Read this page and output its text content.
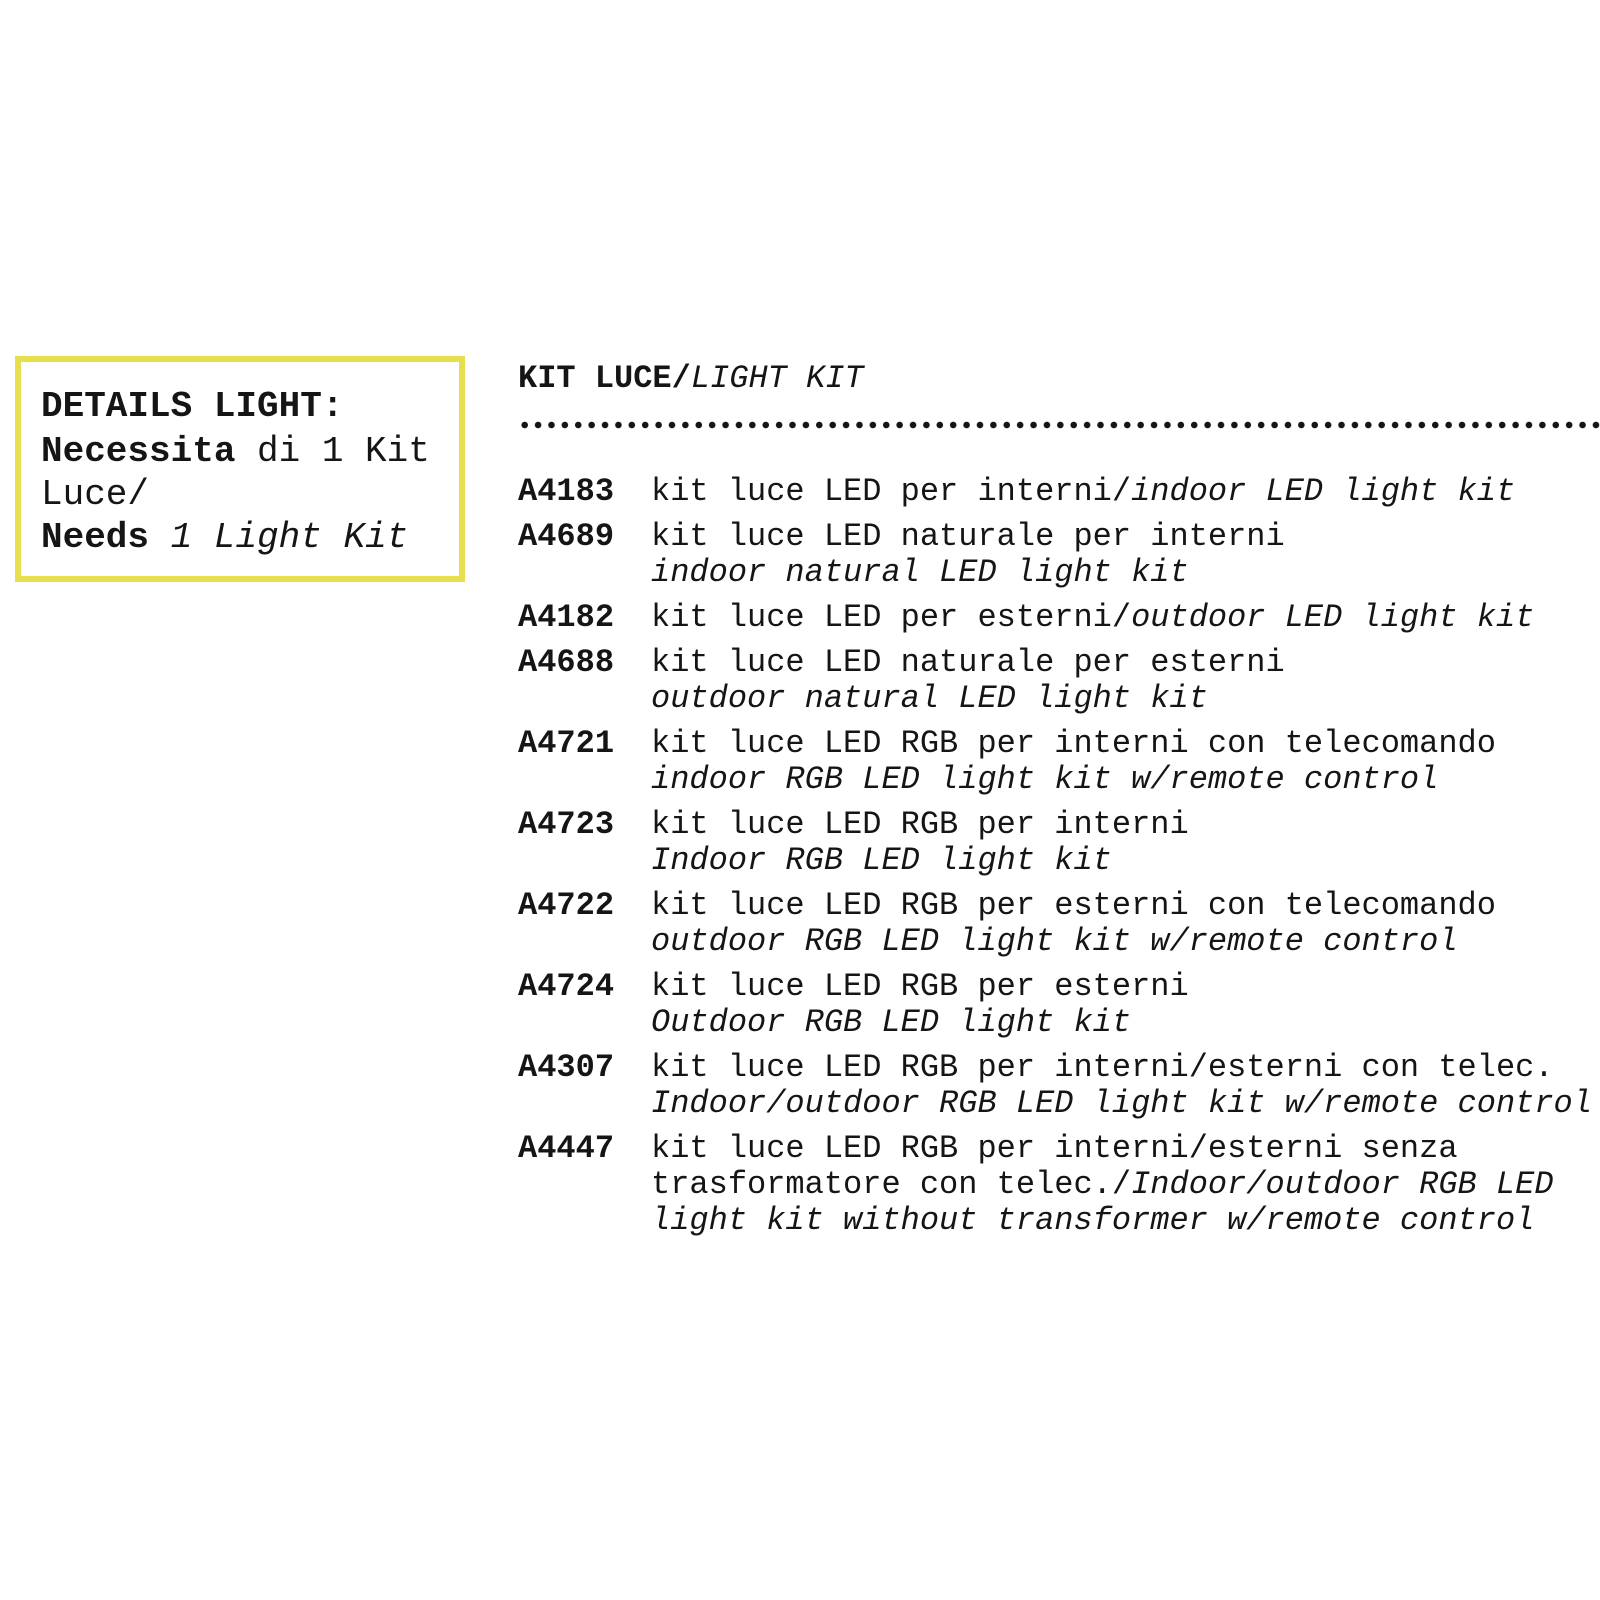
DETAILS LIGHT:
Necessita di 1 Kit
Luce/
Needs 1 Light Kit
KIT LUCE/LIGHT KIT
A4183 kit luce LED per interni/indoor LED light kit
A4689 kit luce LED naturale per interni
indoor natural LED light kit
A4182 kit luce LED per esterni/outdoor LED light kit
A4688 kit luce LED naturale per esterni
outdoor natural LED light kit
A4721 kit luce LED RGB per interni con telecomando
indoor RGB LED light kit w/remote control
A4723 kit luce LED RGB per interni
Indoor RGB LED light kit
A4722 kit luce LED RGB per esterni con telecomando
outdoor RGB LED light kit w/remote control
A4724 kit luce LED RGB per esterni
Outdoor RGB LED light kit
A4307 kit luce LED RGB per interni/esterni con telec.
Indoor/outdoor RGB LED light kit w/remote control
A4447 kit luce LED RGB per interni/esterni senza
trasformatore con telec./Indoor/outdoor RGB LED
light kit without transformer w/remote control
